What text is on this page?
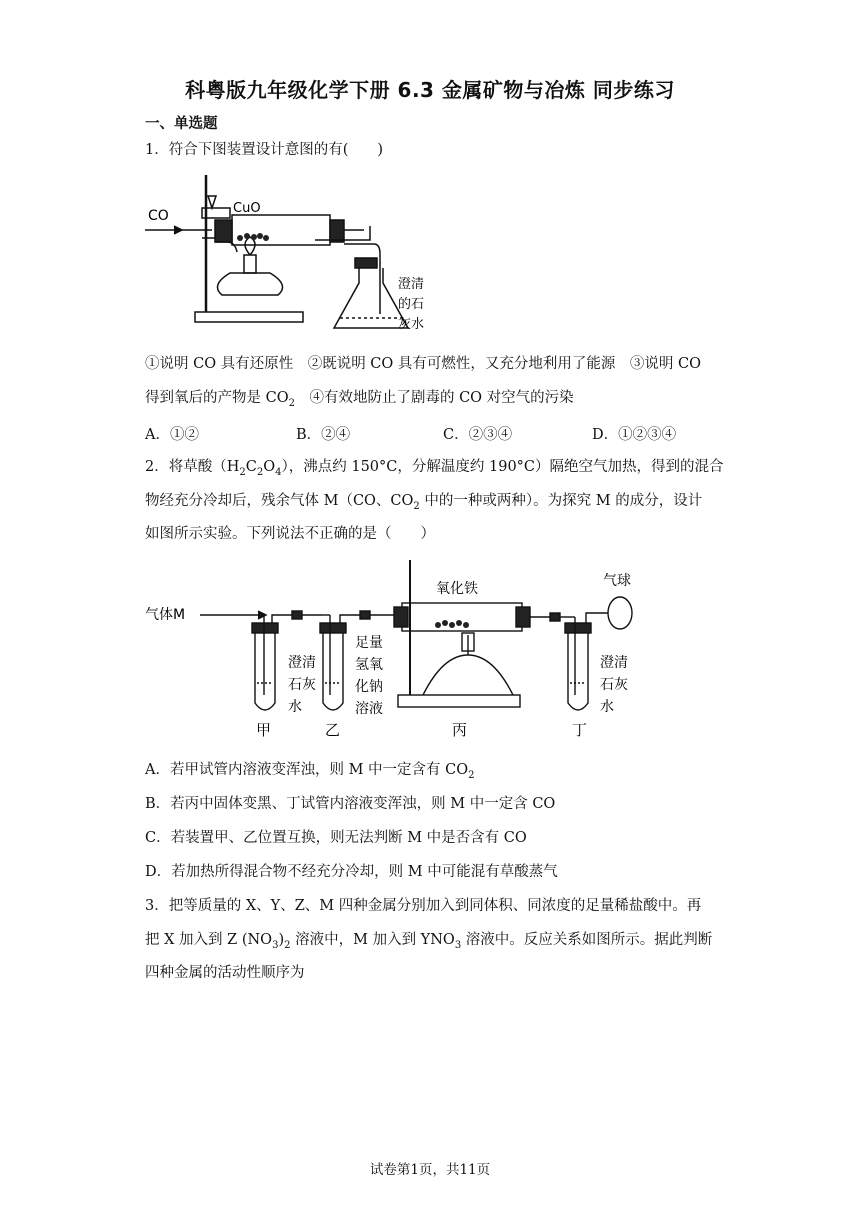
科粤版九年级化学下册 6.3 金属矿物与冶炼 同步练习
一、单选题
1．符合下图装置设计意图的有(　　)
CO	CuO
澄清
的石
灰水
①说明 CO 具有还原性　②既说明 CO 具有可燃性，又充分地利用了能源　③说明 CO
得到氧后的产物是 $CO_2$　④有效地防止了剧毒的 CO 对空气的污染
A．①②	B．②④	C．②③④	D．①②③④
2．将草酸$(H_2C_2O_4)$，沸点约 150°C，分解温度约 190°C）隔绝空气加热，得到的混合
物经充分冷却后，残余气体 M（CO、$CO_2$ 中的一种或两种）。为探究 M 的成分，设计
如图所示实验。下列说法不正确的是（　　）
气体M
氧化铁	气球
澄清
石灰
水
足量
氢氧
化钠
溶液
澄清
石灰
水
甲	乙	丙	丁
A．若甲试管内溶液变浑浊，则 M 中一定含有 $CO_2$
B．若丙中固体变黑、丁试管内溶液变浑浊，则 M 中一定含 CO
C．若装置甲、乙位置互换，则无法判断 M 中是否含有 CO
D．若加热所得混合物不经充分冷却，则 M 中可能混有草酸蒸气
3．把等质量的 X、Y、Z、M 四种金属分别加入到同体积、同浓度的足量稀盐酸中。再
把 X 加入到 Z $(NO_3)_2$ 溶液中，M 加入到 $YNO_3$ 溶液中。反应关系如图所示。据此判断
四种金属的活动性顺序为
试卷第1页，共11页
